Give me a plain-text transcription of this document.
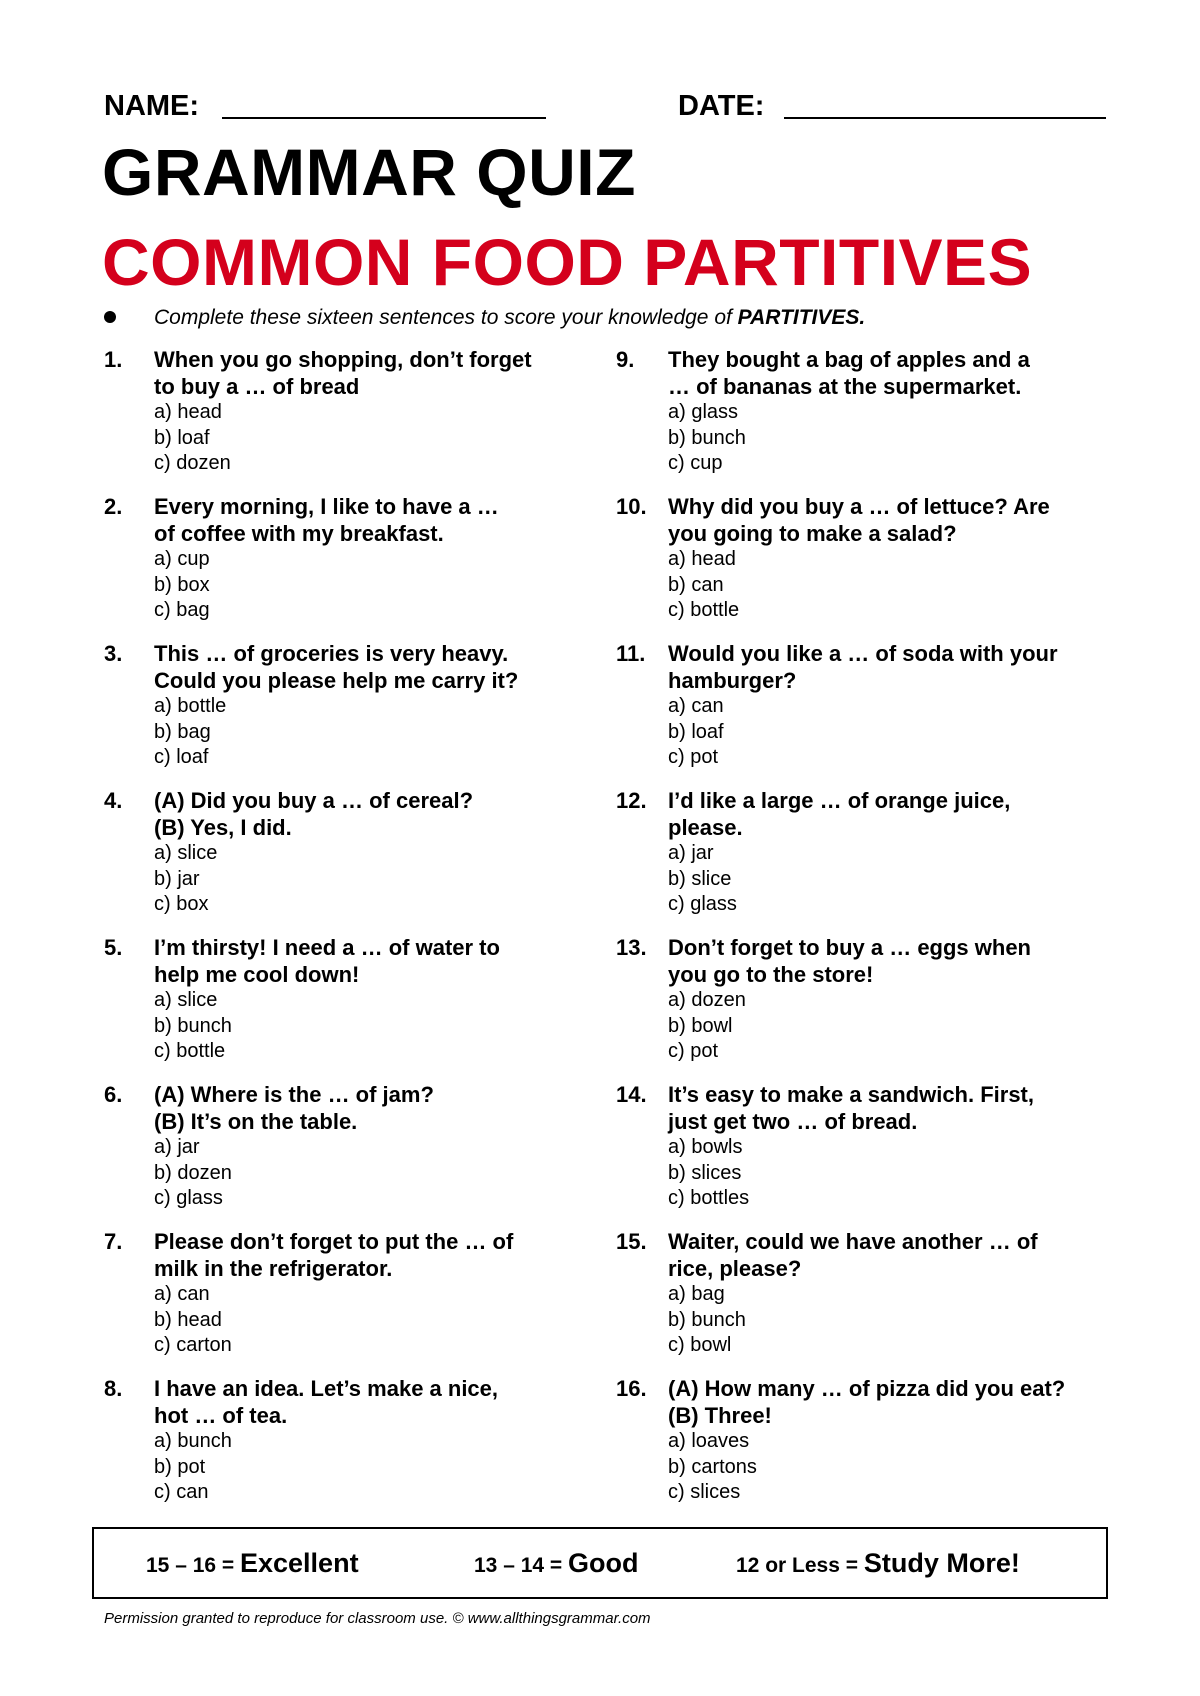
NAME:	DATE:
GRAMMAR QUIZ
COMMON FOOD PARTITIVES
Complete these sixteen sentences to score your knowledge of PARTITIVES.
1. When you go shopping, don’t forget
to buy a … of bread
a) head
b) loaf
c) dozen
2. Every morning, I like to have a …
of coffee with my breakfast.
a) cup
b) box
c) bag
3. This … of groceries is very heavy.
Could you please help me carry it?
a) bottle
b) bag
c) loaf
4. (A) Did you buy a … of cereal?
(B) Yes, I did.
a) slice
b) jar
c) box
5. I’m thirsty! I need a … of water to
help me cool down!
a) slice
b) bunch
c) bottle
6. (A) Where is the … of jam?
(B) It’s on the table.
a) jar
b) dozen
c) glass
7. Please don’t forget to put the … of
milk in the refrigerator.
a) can
b) head
c) carton
8. I have an idea. Let’s make a nice,
hot … of tea.
a) bunch
b) pot
c) can
9. They bought a bag of apples and a
… of bananas at the supermarket.
a) glass
b) bunch
c) cup
10. Why did you buy a … of lettuce? Are
you going to make a salad?
a) head
b) can
c) bottle
11. Would you like a … of soda with your
hamburger?
a) can
b) loaf
c) pot
12. I’d like a large … of orange juice,
please.
a) jar
b) slice
c) glass
13. Don’t forget to buy a … eggs when
you go to the store!
a) dozen
b) bowl
c) pot
14. It’s easy to make a sandwich. First,
just get two … of bread.
a) bowls
b) slices
c) bottles
15. Waiter, could we have another … of
rice, please?
a) bag
b) bunch
c) bowl
16. (A) How many … of pizza did you eat?
(B) Three!
a) loaves
b) cartons
c) slices
15 – 16 = Excellent	13 – 14 = Good	12 or Less = Study More!
Permission granted to reproduce for classroom use. © www.allthingsgrammar.com
